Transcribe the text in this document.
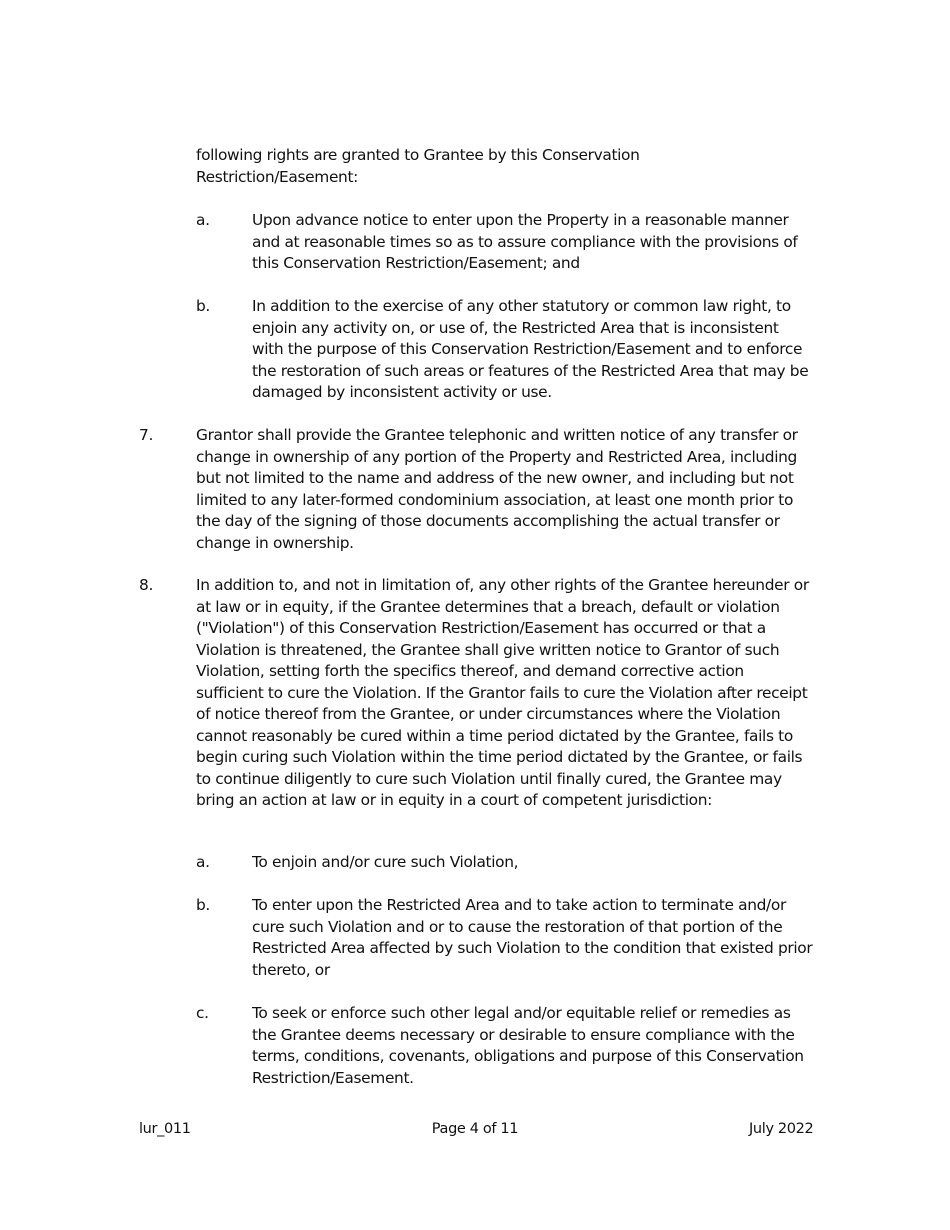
following rights are granted to Grantee by this Conservation Restriction/Easement:

a.	Upon advance notice to enter upon the Property in a reasonable manner and at reasonable times so as to assure compliance with the provisions of this Conservation Restriction/Easement; and
b.	In addition to the exercise of any other statutory or common law right, to enjoin any activity on, or use of, the Restricted Area that is inconsistent with the purpose of this Conservation Restriction/Easement and to enforce the restoration of such areas or features of the Restricted Area that may be damaged by inconsistent activity or use.
7.	Grantor shall provide the Grantee telephonic and written notice of any transfer or change in ownership of any portion of the Property and Restricted Area, including but not limited to the name and address of the new owner, and including but not limited to any later-formed condominium association, at least one month prior to the day of the signing of those documents accomplishing the actual transfer or change in ownership.
8.	In addition to, and not in limitation of, any other rights of the Grantee hereunder or at law or in equity, if the Grantee determines that a breach, default or violation ("Violation") of this Conservation Restriction/Easement has occurred or that a Violation is threatened, the Grantee shall give written notice to Grantor of such Violation, setting forth the specifics thereof, and demand corrective action sufficient to cure the Violation. If the Grantor fails to cure the Violation after receipt of notice thereof from the Grantee, or under circumstances where the Violation cannot reasonably be cured within a time period dictated by the Grantee, fails to begin curing such Violation within the time period dictated by the Grantee, or fails to continue diligently to cure such Violation until finally cured, the Grantee may bring an action at law or in equity in a court of competent jurisdiction:
a.	To enjoin and/or cure such Violation,
b.	To enter upon the Restricted Area and to take action to terminate and/or cure such Violation and or to cause the restoration of that portion of the Restricted Area affected by such Violation to the condition that existed prior thereto, or
c.	To seek or enforce such other legal and/or equitable relief or remedies as the Grantee deems necessary or desirable to ensure compliance with the terms, conditions, covenants, obligations and purpose of this Conservation Restriction/Easement.
lur_011	Page 4 of 11	July 2022
